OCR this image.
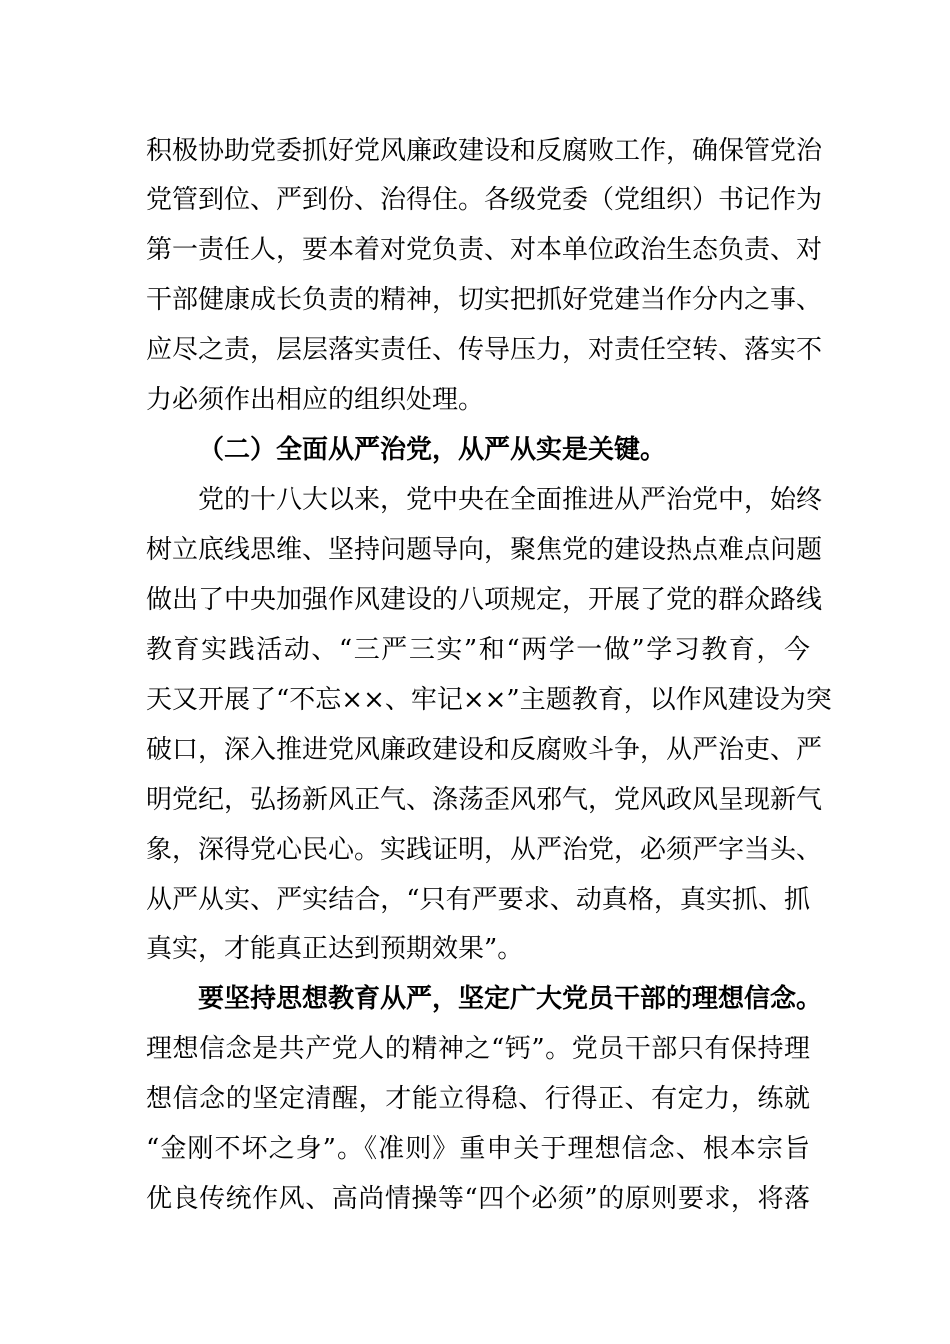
积极协助党委抓好党风廉政建设和反腐败工作，确保管党治
党管到位、严到份、治得住。各级党委（党组织）书记作为
第一责任人，要本着对党负责、对本单位政治生态负责、对
干部健康成长负责的精神，切实把抓好党建当作分内之事、
应尽之责，层层落实责任、传导压力，对责任空转、落实不
力必须作出相应的组织处理。
（二）全面从严治党，从严从实是关键。
党的十八大以来，党中央在全面推进从严治党中，始终
树立底线思维、坚持问题导向，聚焦党的建设热点难点问题
做出了中央加强作风建设的八项规定，开展了党的群众路线
教育实践活动、“三严三实”和“两学一做”学习教育，今
天又开展了“不忘××、牢记××”主题教育，以作风建设为突
破口，深入推进党风廉政建设和反腐败斗争，从严治吏、严
明党纪，弘扬新风正气、涤荡歪风邪气，党风政风呈现新气
象，深得党心民心。实践证明，从严治党，必须严字当头、
从严从实、严实结合，“只有严要求、动真格，真实抓、抓
真实，才能真正达到预期效果”。
要坚持思想教育从严，坚定广大党员干部的理想信念。
理想信念是共产党人的精神之“钙”。党员干部只有保持理
想信念的坚定清醒，才能立得稳、行得正、有定力，练就
“金刚不坏之身”。《准则》重申关于理想信念、根本宗旨
优良传统作风、高尚情操等“四个必须”的原则要求，将落
